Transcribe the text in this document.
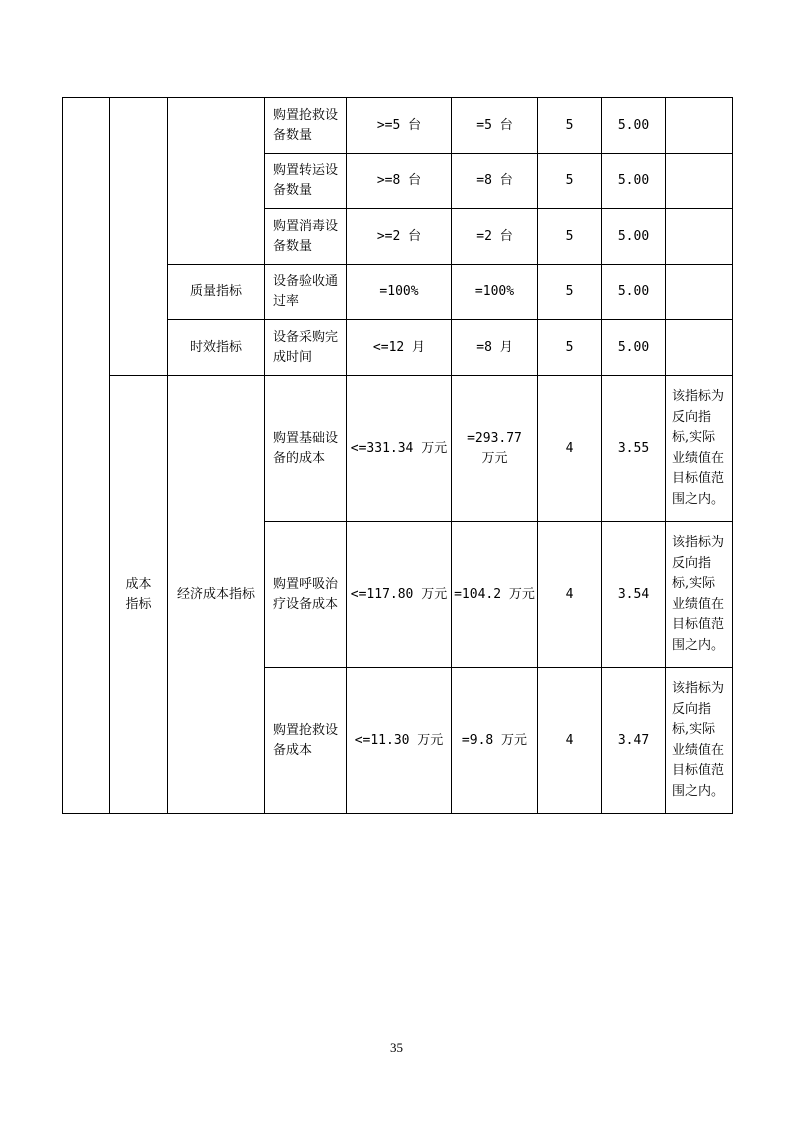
			购置抢救设备数量	>=5 台	=5 台	5	5.00	
			购置转运设备数量	>=8 台	=8 台	5	5.00	
			购置消毒设备数量	>=2 台	=2 台	5	5.00	
		质量指标	设备验收通过率	=100%	=100%	5	5.00	
		时效指标	设备采购完成时间	<=12 月	=8 月	5	5.00	
	成本指标	经济成本指标	购置基础设备的成本	<=331.34 万元	=293.77 万元	4	3.55	该指标为反向指标,实际业绩值在目标值范围之内。
			购置呼吸治疗设备成本	<=117.80 万元	=104.2 万元	4	3.54	该指标为反向指标,实际业绩值在目标值范围之内。
			购置抢救设备成本	<=11.30 万元	=9.8 万元	4	3.47	该指标为反向指标,实际业绩值在目标值范围之内。
35
